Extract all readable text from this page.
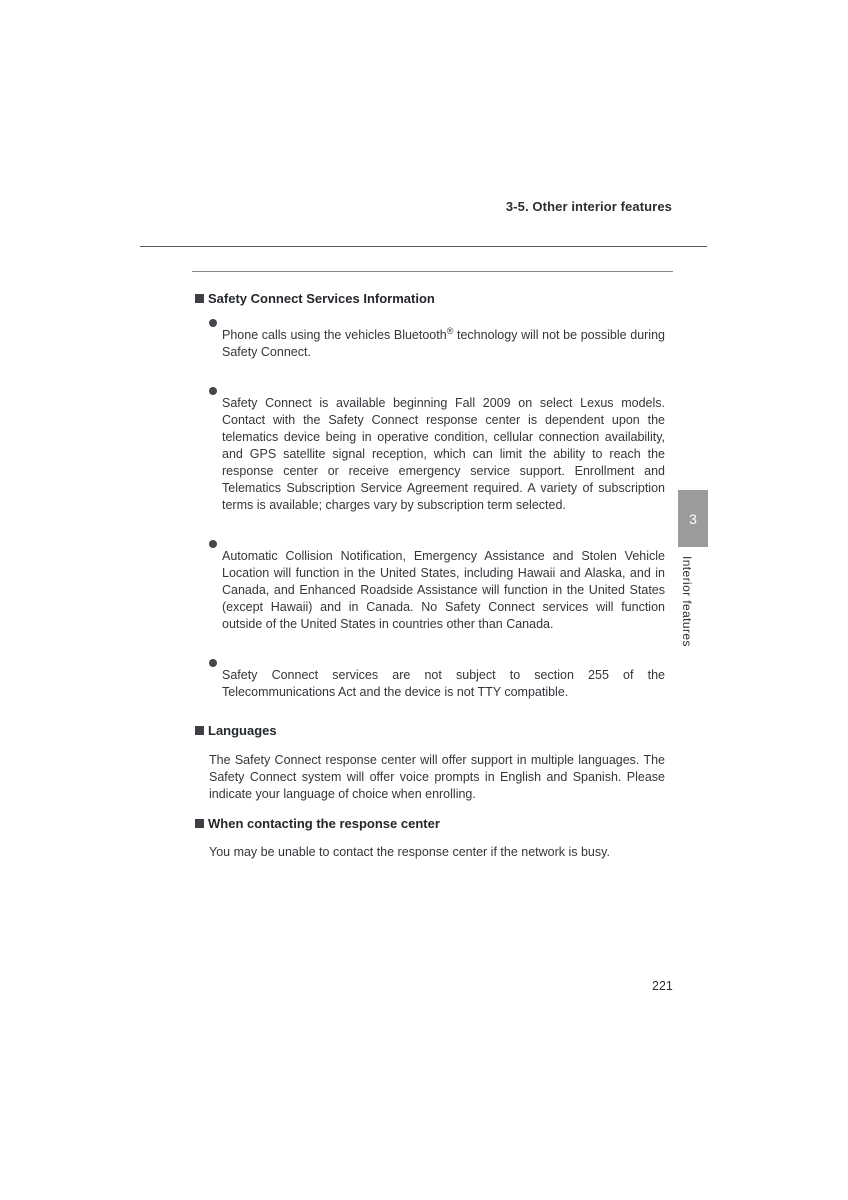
3-5. Other interior features
Safety Connect Services Information

Phone calls using the vehicles Bluetooth® technology will not be possible during Safety Connect.

Safety Connect is available beginning Fall 2009 on select Lexus models. Contact with the Safety Connect response center is dependent upon the telematics device being in operative condition, cellular connection availability, and GPS satellite signal reception, which can limit the ability to reach the response center or receive emergency service support. Enrollment and Telematics Subscription Service Agreement required. A variety of subscription terms is available; charges vary by subscription term selected.

Automatic Collision Notification, Emergency Assistance and Stolen Vehicle Location will function in the United States, including Hawaii and Alaska, and in Canada, and Enhanced Roadside Assistance will function in the United States (except Hawaii) and in Canada. No Safety Connect services will function outside of the United States in countries other than Canada.

Safety Connect services are not subject to section 255 of the Telecommunications Act and the device is not TTY compatible.

Languages

The Safety Connect response center will offer support in multiple languages. The Safety Connect system will offer voice prompts in English and Spanish. Please indicate your language of choice when enrolling.

When contacting the response center

You may be unable to contact the response center if the network is busy.

3
Interior features
221
